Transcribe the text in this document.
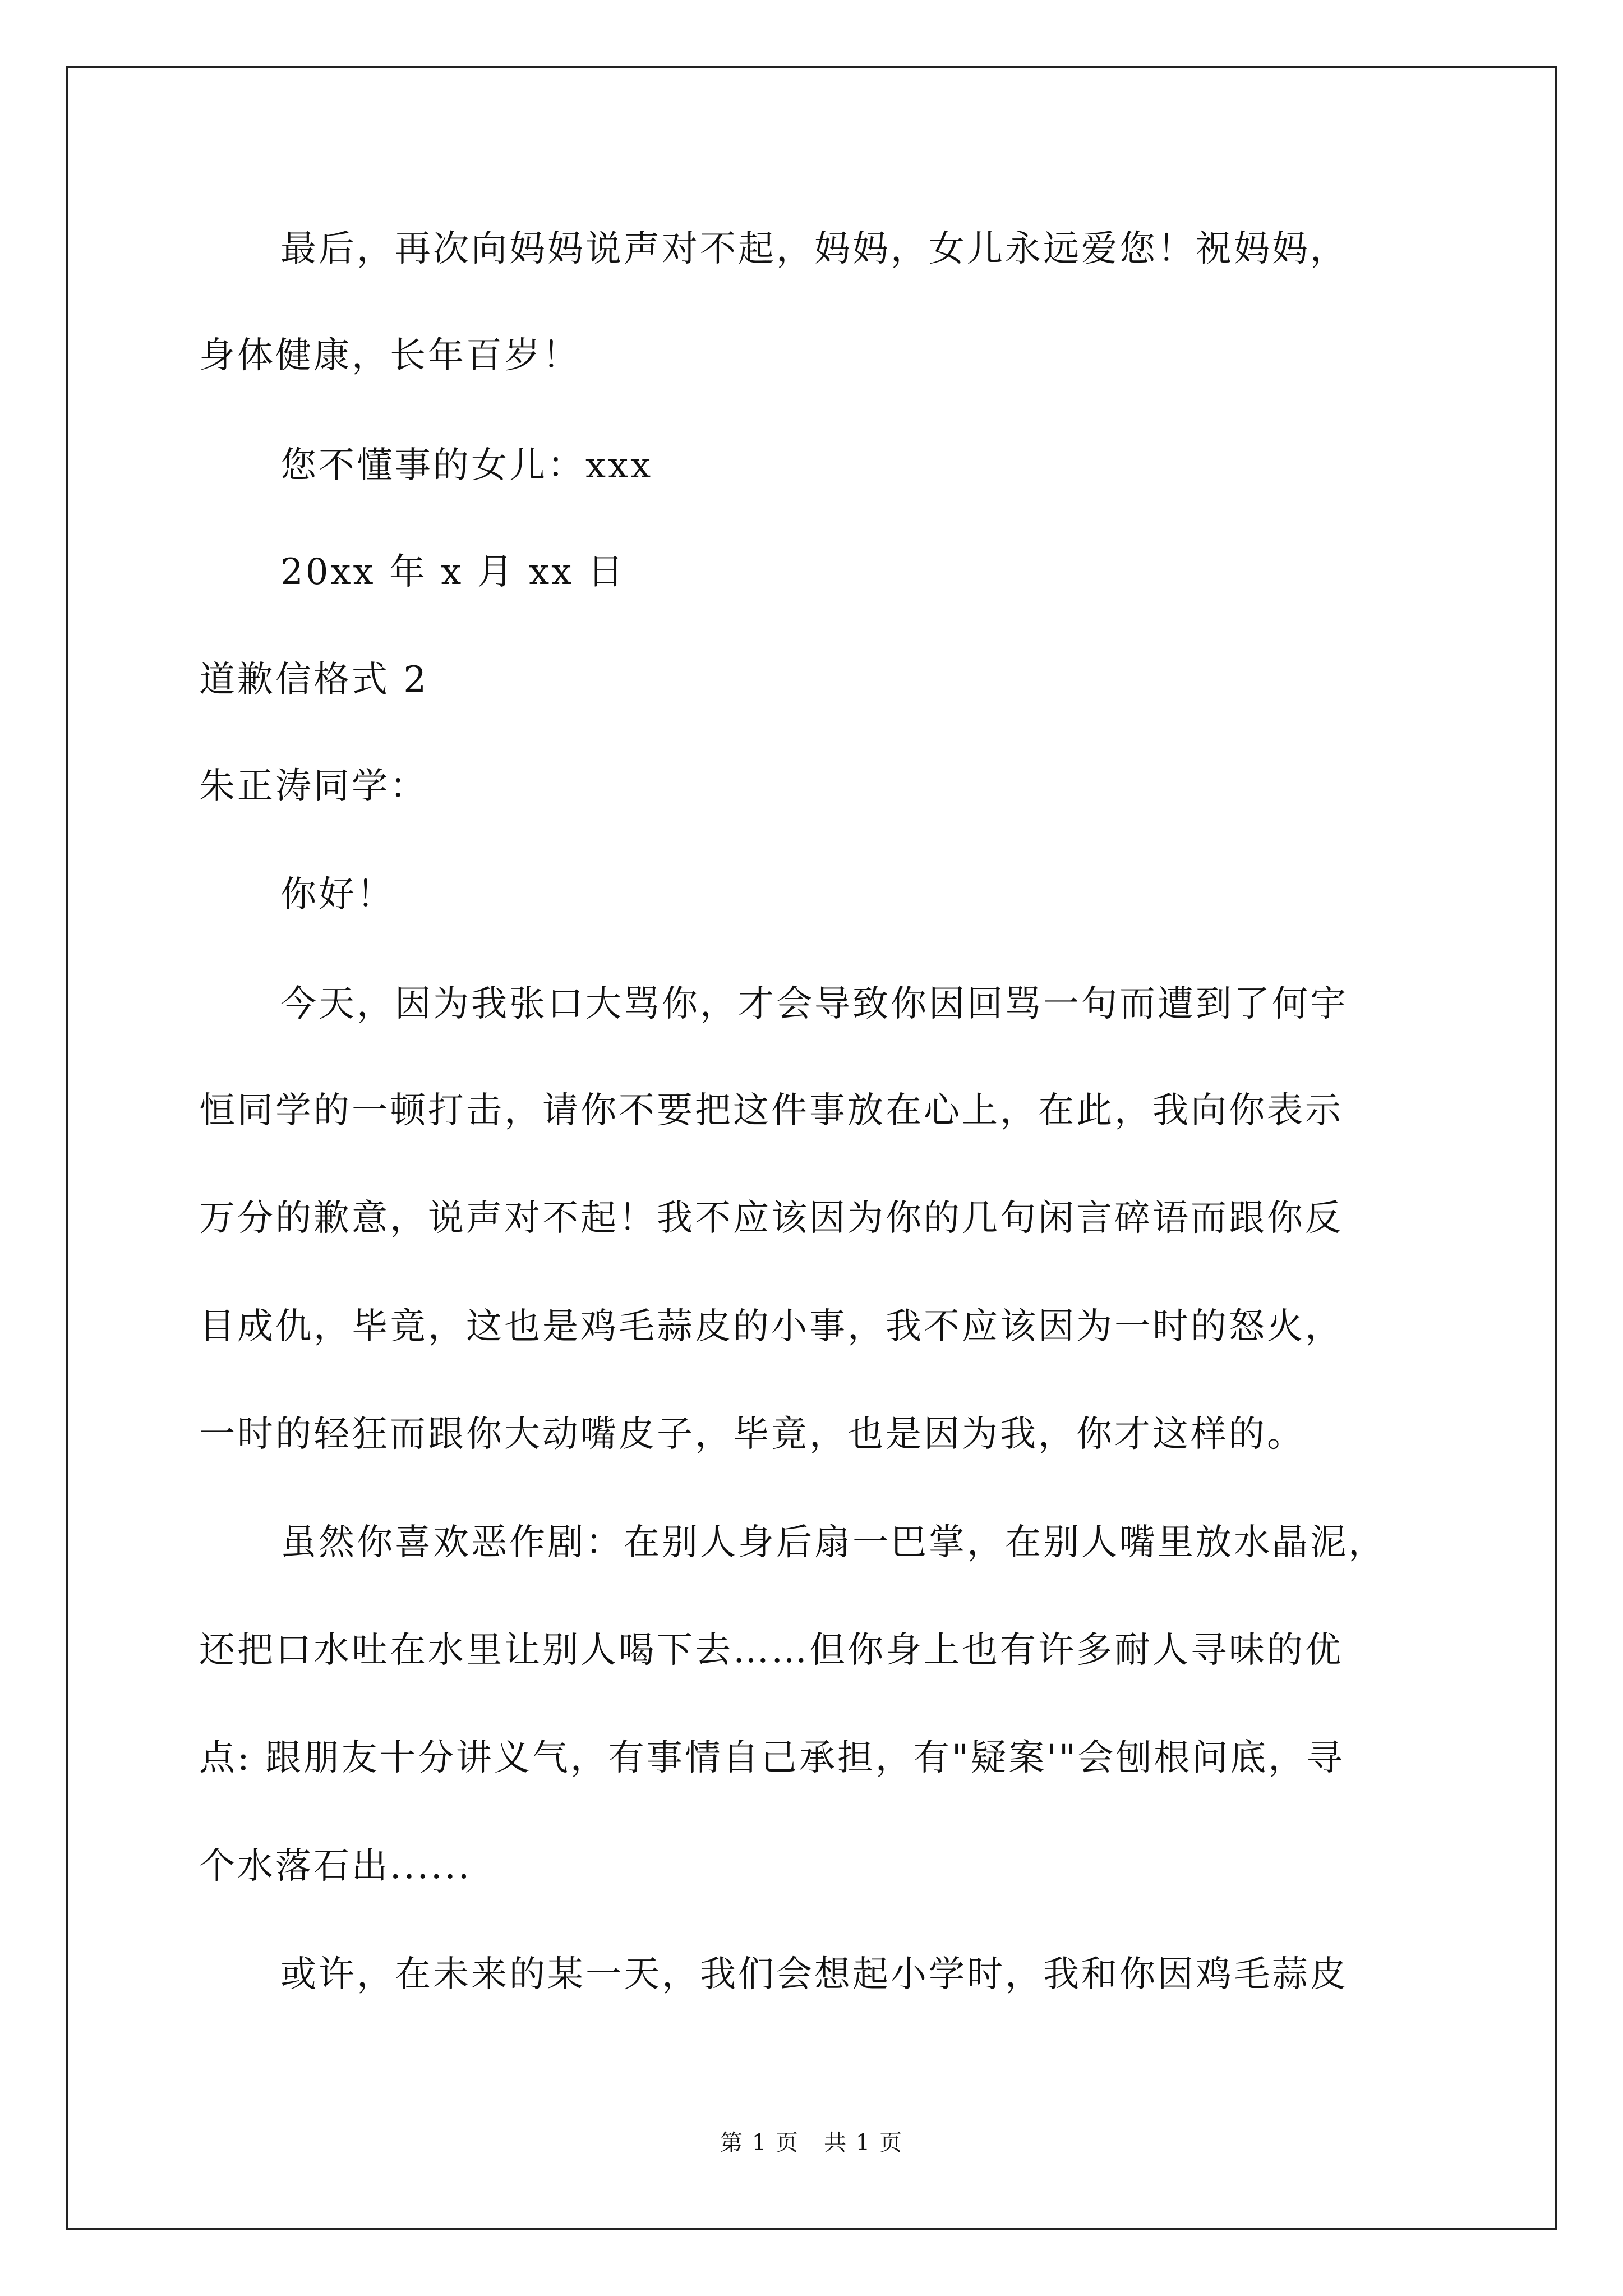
最后，再次向妈妈说声对不起，妈妈，女儿永远爱您！祝妈妈，
身体健康，长年百岁！
您不懂事的女儿：xxx
20xx 年 x 月 xx 日
道歉信格式 2
朱正涛同学：
你好！
今天，因为我张口大骂你，才会导致你因回骂一句而遭到了何宇
恒同学的一顿打击，请你不要把这件事放在心上，在此，我向你表示
万分的歉意，说声对不起！我不应该因为你的几句闲言碎语而跟你反
目成仇，毕竟，这也是鸡毛蒜皮的小事，我不应该因为一时的怒火，
一时的轻狂而跟你大动嘴皮子，毕竟，也是因为我，你才这样的。
虽然你喜欢恶作剧：在别人身后扇一巴掌，在别人嘴里放水晶泥，
还把口水吐在水里让别人喝下去……但你身上也有许多耐人寻味的优
点: 跟朋友十分讲义气，有事情自己承担，有"疑案'"会刨根问底，寻
个水落石出......
或许，在未来的某一天，我们会想起小学时，我和你因鸡毛蒜皮
第 1 页   共 1 页
